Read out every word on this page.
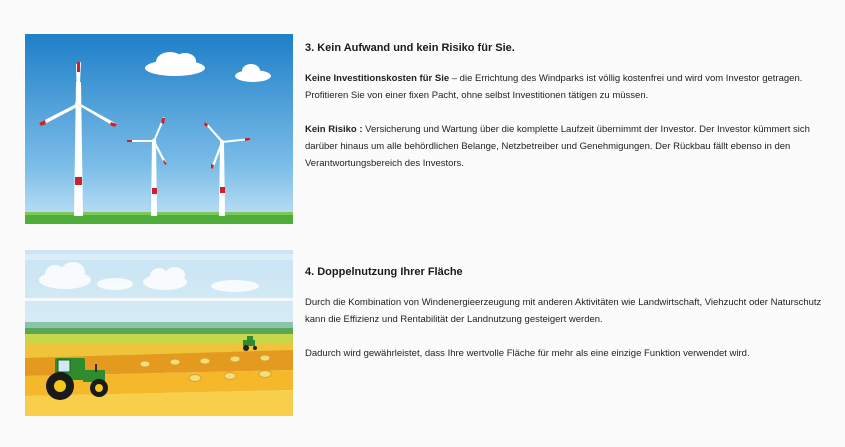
3. Kein Aufwand und kein Risiko für Sie.

Keine Investitionskosten für Sie – die Errichtung des Windparks ist völlig kostenfrei und wird vom Investor getragen. Profitieren Sie von einer fixen Pacht, ohne selbst Investitionen tätigen zu müssen.

Kein Risiko : Versicherung und Wartung über die komplette Laufzeit übernimmt der Investor. Der Investor kümmert sich darüber hinaus um alle behördlichen Belange, Netzbetreiber und Genehmigungen. Der Rückbau fällt ebenso in den Verantwortungsbereich des Investors.

4. Doppelnutzung Ihrer Fläche

Durch die Kombination von Windenergieerzeugung mit anderen Aktivitäten wie Landwirtschaft, Viehzucht oder Naturschutz kann die Effizienz und Rentabilität der Landnutzung gesteigert werden.

Dadurch wird gewährleistet, dass Ihre wertvolle Fläche für mehr als eine einzige Funktion verwendet wird.
